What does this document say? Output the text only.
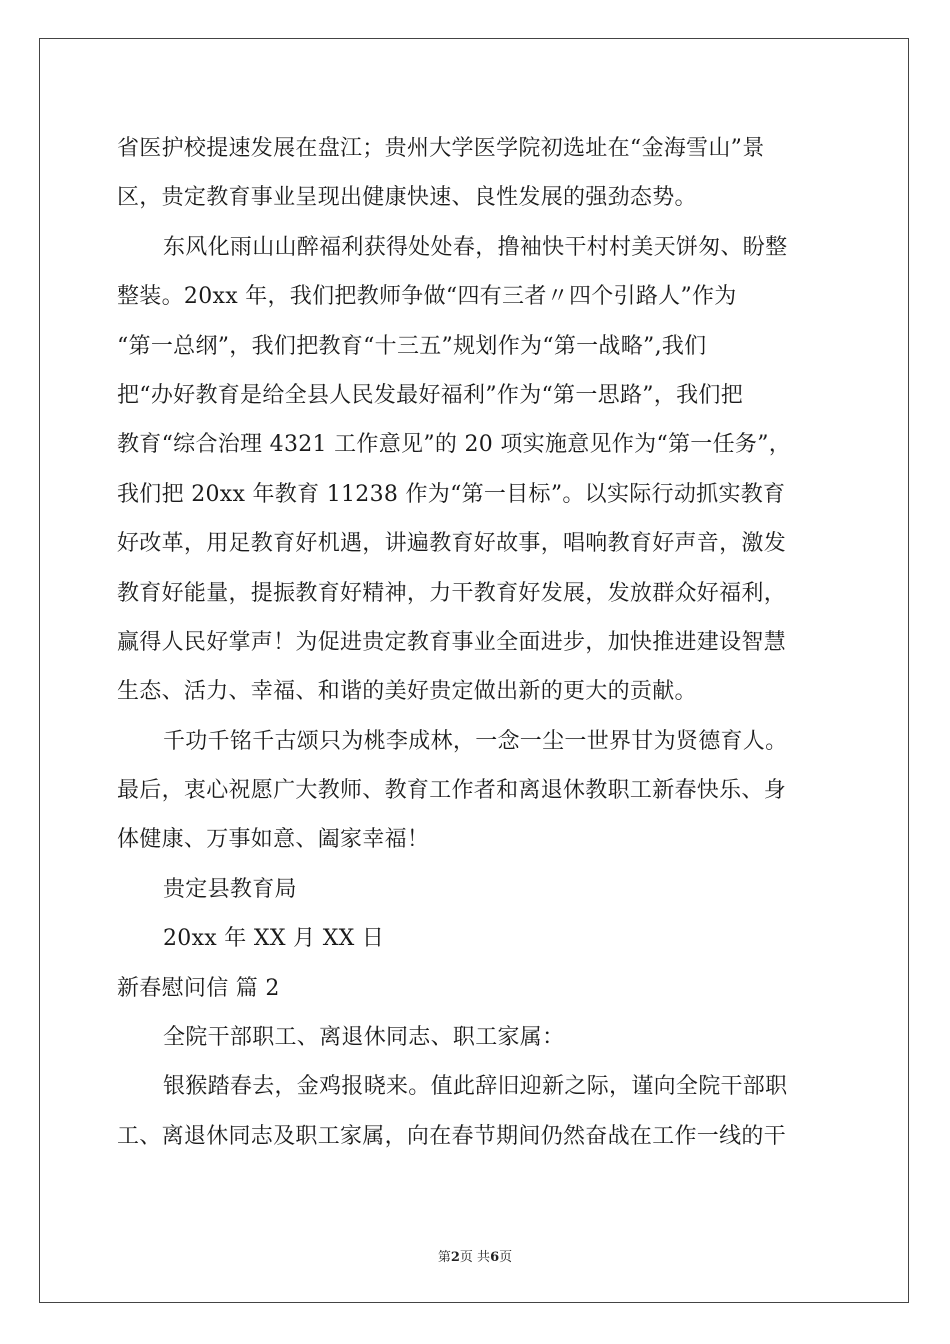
省医护校提速发展在盘江；贵州大学医学院初选址在“金海雪山”景
区，贵定教育事业呈现出健康快速、良性发展的强劲态势。
东风化雨山山醉福利获得处处春，撸袖快干村村美天饼匆、盼整
整装。20xx 年，我们把教师争做“四有三者〃四个引路人”作为
“第一总纲”，我们把教育“十三五”规划作为“第一战略”,我们
把“办好教育是给全县人民发最好福利”作为“第一思路”，我们把
教育“综合治理 4321 工作意见”的 20 项实施意见作为“第一任务”，
我们把 20xx 年教育 11238 作为“第一目标”。以实际行动抓实教育
好改革，用足教育好机遇，讲遍教育好故事，唱响教育好声音，激发
教育好能量，提振教育好精神，力干教育好发展，发放群众好福利，
赢得人民好掌声！为促进贵定教育事业全面进步，加快推进建设智慧
生态、活力、幸福、和谐的美好贵定做出新的更大的贡献。
千功千铭千古颂只为桃李成林，一念一尘一世界甘为贤德育人。
最后，衷心祝愿广大教师、教育工作者和离退休教职工新春快乐、身
体健康、万事如意、阖家幸福！
贵定县教育局
20xx 年 XX 月 XX 日
新春慰问信 篇 2
全院干部职工、离退休同志、职工家属：
银猴踏春去，金鸡报晓来。值此辞旧迎新之际，谨向全院干部职
工、离退休同志及职工家属，向在春节期间仍然奋战在工作一线的干
第2页 共6页
